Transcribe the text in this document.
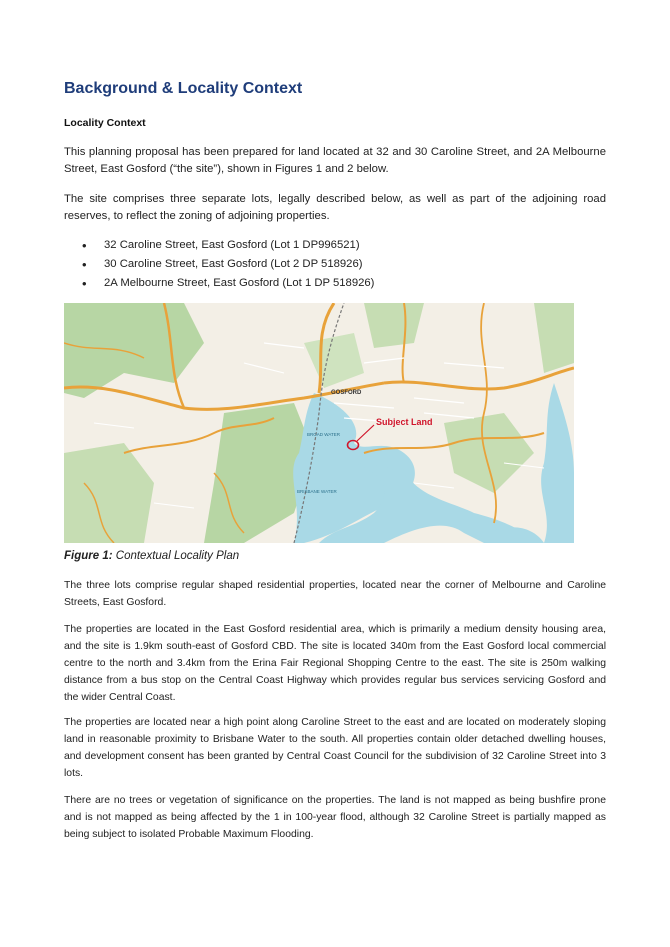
Background & Locality Context
Locality Context

This planning proposal has been prepared for land located at 32 and 30 Caroline Street, and 2A Melbourne Street, East Gosford (“the site”), shown in Figures 1 and 2 below.

The site comprises three separate lots, legally described below, as well as part of the adjoining road reserves, to reflect the zoning of adjoining properties.

• 32 Caroline Street, East Gosford (Lot 1 DP996521)
• 30 Caroline Street, East Gosford (Lot 2 DP 518926)
• 2A Melbourne Street, East Gosford (Lot 1 DP 518926)
GOSFORD
BRISBANE WATER
BROAD WATER
Subject Land
Figure 1: Contextual Locality Plan

The three lots comprise regular shaped residential properties, located near the corner of Melbourne and Caroline Streets, East Gosford.

The properties are located in the East Gosford residential area, which is primarily a medium density housing area, and the site is 1.9km south-east of Gosford CBD. The site is located 340m from the East Gosford local commercial centre to the north and 3.4km from the Erina Fair Regional Shopping Centre to the east. The site is 250m walking distance from a bus stop on the Central Coast Highway which provides regular bus services servicing Gosford and the wider Central Coast.

The properties are located near a high point along Caroline Street to the east and are located on moderately sloping land in reasonable proximity to Brisbane Water to the south. All properties contain older detached dwelling houses, and development consent has been granted by Central Coast Council for the subdivision of 32 Caroline Street into 3 lots.

There are no trees or vegetation of significance on the properties. The land is not mapped as being bushfire prone and is not mapped as being affected by the 1 in 100-year flood, although 32 Caroline Street is partially mapped as being subject to isolated Probable Maximum Flooding.
